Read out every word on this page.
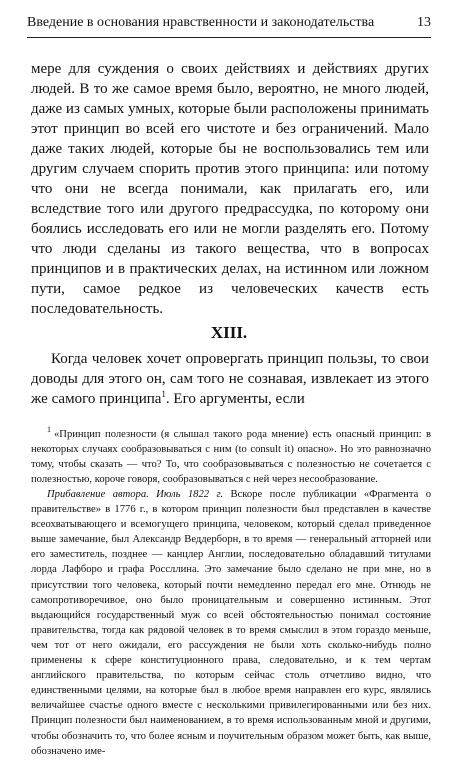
Введение в основания нравственности и законодательства	13

мере для суждения о своих действиях и действиях других людей. В то же самое время было, вероятно, не много людей, даже из самых умных, которые были расположены принимать этот принцип во всей его чистоте и без ограничений. Мало даже таких людей, которые бы не воспользовались тем или другим случаем спорить против этого принципа: или потому что они не всегда понимали, как прилагать его, или вследствие того или другого предрассудка, по которому они боялись исследовать его или не могли разделять его. Потому что люди сделаны из такого вещества, что в вопросах принципов и в практических делах, на истинном или ложном пути, самое редкое из человеческих качеств есть последовательность.

XIII.

Когда человек хочет опровергать принцип пользы, то свои доводы для этого он, сам того не сознавая, извлекает из этого же самого принципа$^1$. Его аргументы, если

$^1$ «Принцип полезности (я слышал такого рода мнение) есть опасный принцип: в некоторых случаях сообразовываться с ним (to consult it) опасно». Но это равнозначно тому, чтобы сказать — что? То, что сообразовываться с полезностью не сочетается с полезностью, короче говоря, сообразовываться с ней через несообразование.

Прибавление автора. Июль 1822 г. Вскоре после публикации «Фрагмента о правительстве» в 1776 г., в котором принцип полезности был представлен в качестве всеохватывающего и всемогущего принципа, человеком, который сделал приведенное выше замечание, был Александр Веддерборн, в то время — генеральный атторней или его заместитель, позднее — канцлер Англии, последовательно обладавший титулами лорда Лафборо и графа Россллина. Это замечание было сделано не при мне, но в присутствии того человека, который почти немедленно передал его мне. Отнюдь не самопротиворечивое, оно было проницательным и совершенно истинным. Этот выдающийся государственный муж со всей обстоятельностью понимал состояние правительства, тогда как рядовой человек в то время смыслил в этом гораздо меньше, чем тот от него ожидали, его рассуждения не были хоть сколько-нибудь полно применены к сфере конституционного права, следовательно, и к тем чертам английского правительства, по которым сейчас столь отчетливо видно, что единственными целями, на которые был в любое время направлен его курс, являлись величайшее счастье одного вместе с несколькими привилегированными или без них. Принцип полезности был наименованием, в то время использованным мной и другими, чтобы обозначить то, что более ясным и поучительным образом может быть, как выше, обозначено име-
